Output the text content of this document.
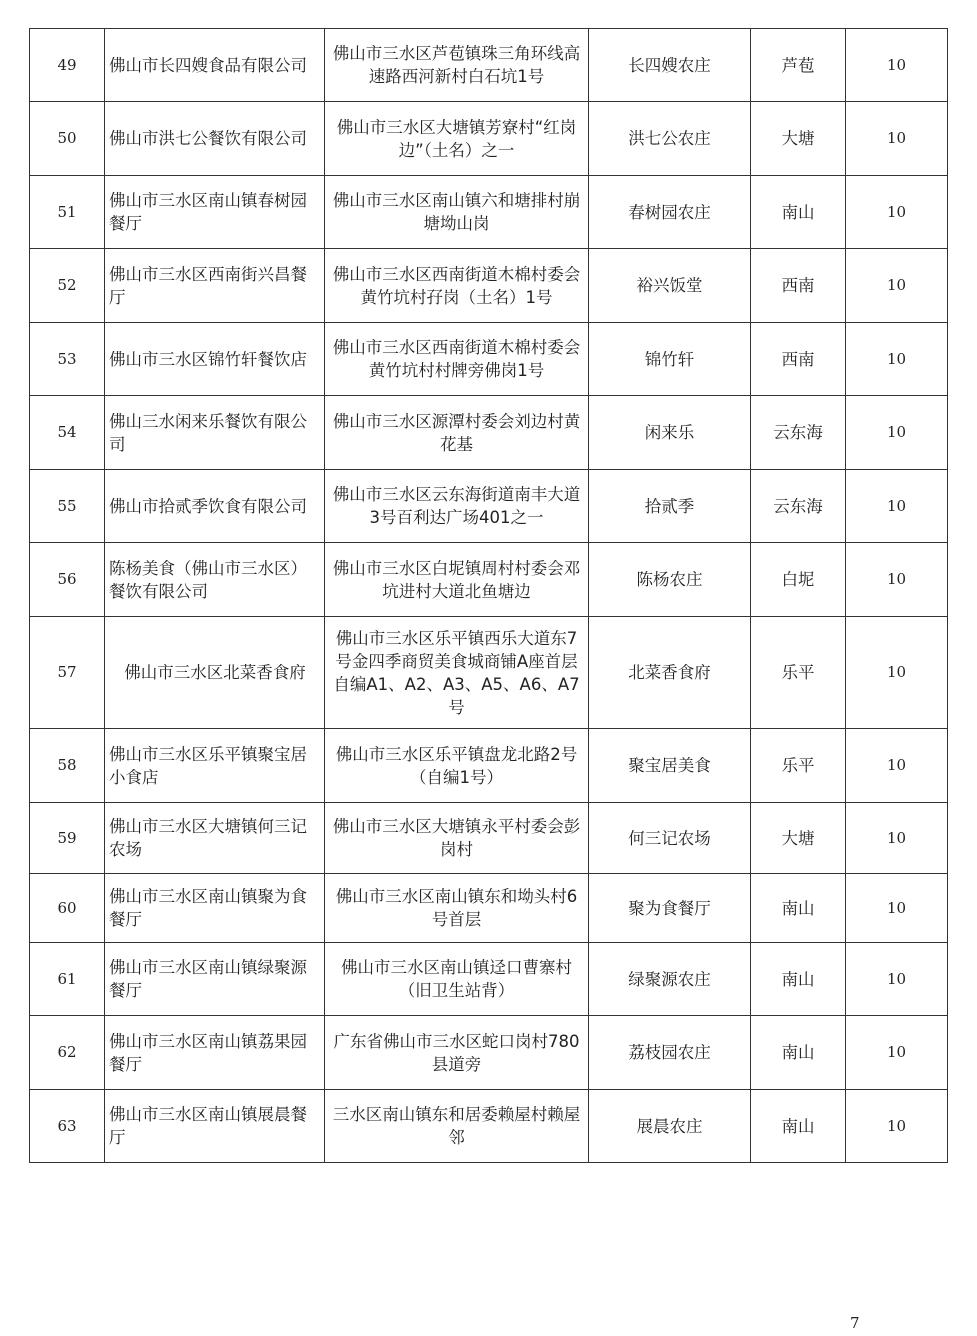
49	佛山市长四嫂食品有限公司	佛山市三水区芦苞镇珠三角环线高速路西河新村白石坑1号	长四嫂农庄	芦苞	10
50	佛山市洪七公餐饮有限公司	佛山市三水区大塘镇芳寮村“红岗边”（土名）之一	洪七公农庄	大塘	10
51	佛山市三水区南山镇春树园餐厅	佛山市三水区南山镇六和塘排村崩塘坳山岗	春树园农庄	南山	10
52	佛山市三水区西南街兴昌餐厅	佛山市三水区西南街道木棉村委会黄竹坑村孖岗（土名）1号	裕兴饭堂	西南	10
53	佛山市三水区锦竹轩餐饮店	佛山市三水区西南街道木棉村委会黄竹坑村村牌旁佛岗1号	锦竹轩	西南	10
54	佛山三水闲来乐餐饮有限公司	佛山市三水区源潭村委会刘边村黄花基	闲来乐	云东海	10
55	佛山市拾贰季饮食有限公司	佛山市三水区云东海街道南丰大道3号百利达广场401之一	拾贰季	云东海	10
56	陈杨美食（佛山市三水区）餐饮有限公司	佛山市三水区白坭镇周村村委会邓坑进村大道北鱼塘边	陈杨农庄	白坭	10
57	佛山市三水区北菜香食府	佛山市三水区乐平镇西乐大道东7号金四季商贸美食城商铺A座首层自编A1、A2、A3、A5、A6、A7号	北菜香食府	乐平	10
58	佛山市三水区乐平镇聚宝居小食店	佛山市三水区乐平镇盘龙北路2号（自编1号）	聚宝居美食	乐平	10
59	佛山市三水区大塘镇何三记农场	佛山市三水区大塘镇永平村委会彭岗村	何三记农场	大塘	10
60	佛山市三水区南山镇聚为食餐厅	佛山市三水区南山镇东和坳头村6号首层	聚为食餐厅	南山	10
61	佛山市三水区南山镇绿聚源餐厅	佛山市三水区南山镇迳口曹寨村（旧卫生站背）	绿聚源农庄	南山	10
62	佛山市三水区南山镇荔果园餐厅	广东省佛山市三水区蛇口岗村780县道旁	荔枝园农庄	南山	10
63	佛山市三水区南山镇展晨餐厅	三水区南山镇东和居委赖屋村赖屋邻	展晨农庄	南山	10
7
